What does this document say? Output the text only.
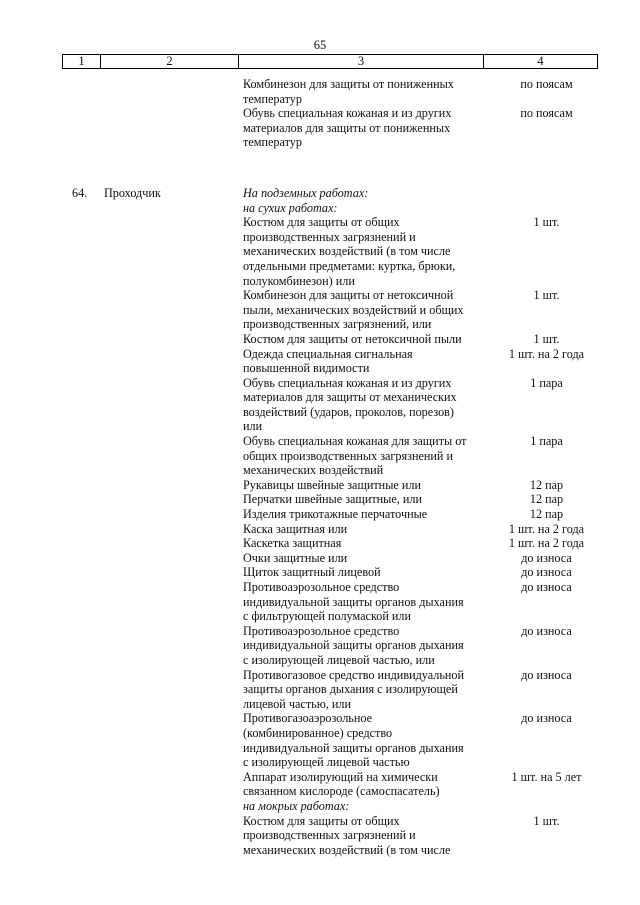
65
1	2	3	4
Комбинезон для защиты от пониженных
температур
по поясам
Обувь специальная кожаная и из других
материалов для защиты от пониженных
температур
по поясам
64. Проходчик	На подземных работах:
на сухих работах:
Костюм для защиты от общих
производственных загрязнений и
механических воздействий (в том числе
отдельными предметами: куртка, брюки,
полукомбинезон) или
1 шт.
Комбинезон для защиты от нетоксичной
пыли, механических воздействий и общих
производственных загрязнений, или
1 шт.
Костюм для защиты от нетоксичной пыли	1 шт.
Одежда специальная сигнальная
повышенной видимости
1 шт. на 2 года
Обувь специальная кожаная и из других
материалов для защиты от механических
воздействий (ударов, проколов, порезов)
или
1 пара
Обувь специальная кожаная для защиты от
общих производственных загрязнений и
механических воздействий
1 пара
Рукавицы швейные защитные или	12 пар
Перчатки швейные защитные, или	12 пар
Изделия трикотажные перчаточные	12 пар
Каска защитная или	1 шт. на 2 года
Каскетка защитная	1 шт. на 2 года
Очки защитные или	до износа
Щиток защитный лицевой	до износа
Противоаэрозольное средство
индивидуальной защиты органов дыхания
с фильтрующей полумаской или
до износа
Противоаэрозольное средство
индивидуальной защиты органов дыхания
с изолирующей лицевой частью, или
до износа
Противогазовое средство индивидуальной
защиты органов дыхания с изолирующей
лицевой частью, или
до износа
Противогазоаэрозольное
(комбинированное) средство
индивидуальной защиты органов дыхания
с изолирующей лицевой частью
до износа
Аппарат изолирующий на химически
связанном кислороде (самоспасатель)
1 шт. на 5 лет
на мокрых работах:
Костюм для защиты от общих
производственных загрязнений и
механических воздействий (в том числе
1 шт.
